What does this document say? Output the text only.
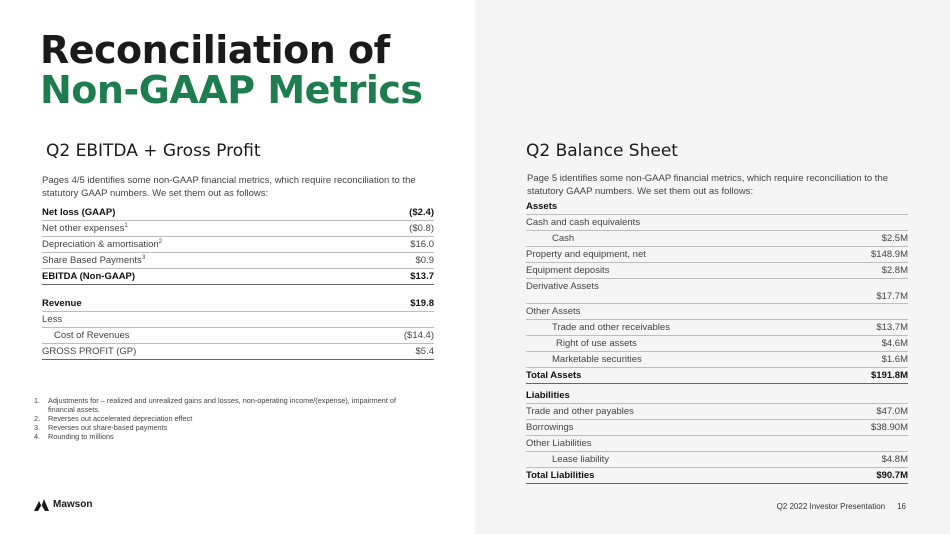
Reconciliation of
Non-GAAP Metrics
Q2 EBITDA + Gross Profit
Pages 4/5 identifies some non-GAAP financial metrics, which require reconciliation to the statutory GAAP numbers. We set them out as follows:
Net loss (GAAP)	($2.4)
Net other expenses$^1$	($0.8)
Depreciation & amortisation$^2$	$16.0
Share Based Payments$^3$	$0.9
EBITDA (Non-GAAP)	$13.7
Revenue	$19.8
Less	
Cost of Revenues	($14.4)
GROSS PROFIT (GP)	$5.4
1.	Adjustments for – realized and unrealized gains and losses, non-operating income/(expense), impairment of financial assets.
2.	Reverses out accelerated depreciation effect
3.	Reverses out share-based payments
4.	Rounding to millions
Q2 Balance Sheet
Page 5 identifies some non-GAAP financial metrics, which require reconciliation to the statutory GAAP numbers. We set them out as follows:
Assets	
Cash and cash equivalents	
Cash	$2.5M
Property and equipment, net	$148.9M
Equipment deposits	$2.8M
Derivative Assets	$17.7M
Other Assets	
Trade and other receivables	$13.7M
Right of use assets	$4.6M
Marketable securities	$1.6M
Total Assets	$191.8M
Liabilities	
Trade and other payables	$47.0M
Borrowings	$38.90M
Other Liabilities	
Lease liability	$4.8M
Total Liabilities	$90.7M
Mawson	Q2 2022 Investor Presentation 16
